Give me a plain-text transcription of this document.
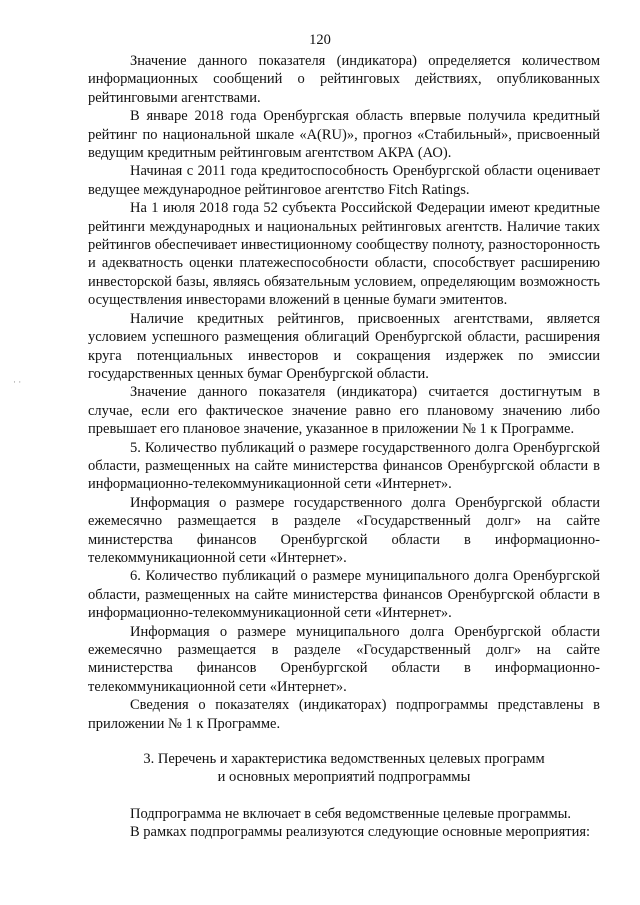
120
· ·

Значение данного показателя (индикатора) определяется количеством информационных сообщений о рейтинговых действиях, опубликованных рейтинговыми агентствами.

В январе 2018 года Оренбургская область впервые получила кредитный рейтинг по национальной шкале «A(RU)», прогноз «Стабильный», присвоенный ведущим кредитным рейтинговым агентством АКРА (АО).

Начиная с 2011 года кредитоспособность Оренбургской области оценивает ведущее международное рейтинговое агентство Fitch Ratings.

На 1 июля 2018 года 52 субъекта Российской Федерации имеют кредитные рейтинги международных и национальных рейтинговых агентств. Наличие таких рейтингов обеспечивает инвестиционному сообществу полноту, разносторонность и адекватность оценки платежеспособности области, способствует расширению инвесторской базы, являясь обязательным условием, определяющим возможность осуществления инвесторами вложений в ценные бумаги эмитентов.

Наличие кредитных рейтингов, присвоенных агентствами, является условием успешного размещения облигаций Оренбургской области, расширения круга потенциальных инвесторов и сокращения издержек по эмиссии государственных ценных бумаг Оренбургской области.

Значение данного показателя (индикатора) считается достигнутым в случае, если его фактическое значение равно его плановому значению либо превышает его плановое значение, указанное в приложении № 1 к Программе.

5. Количество публикаций о размере государственного долга Оренбургской области, размещенных на сайте министерства финансов Оренбургской области в информационно-телекоммуникационной сети «Интернет».

Информация о размере государственного долга Оренбургской области ежемесячно размещается в разделе «Государственный долг» на сайте министерства финансов Оренбургской области в информационно-телекоммуникационной сети «Интернет».

6. Количество публикаций о размере муниципального долга Оренбургской области, размещенных на сайте министерства финансов Оренбургской области в информационно-телекоммуникационной сети «Интернет».

Информация о размере муниципального долга Оренбургской области ежемесячно размещается в разделе «Государственный долг» на сайте министерства финансов Оренбургской области в информационно-телекоммуникационной сети «Интернет».

Сведения о показателях (индикаторах) подпрограммы представлены в приложении № 1 к Программе.

3. Перечень и характеристика ведомственных целевых программ
и основных мероприятий подпрограммы

Подпрограмма не включает в себя ведомственные целевые программы.

В рамках подпрограммы реализуются следующие основные мероприятия:
